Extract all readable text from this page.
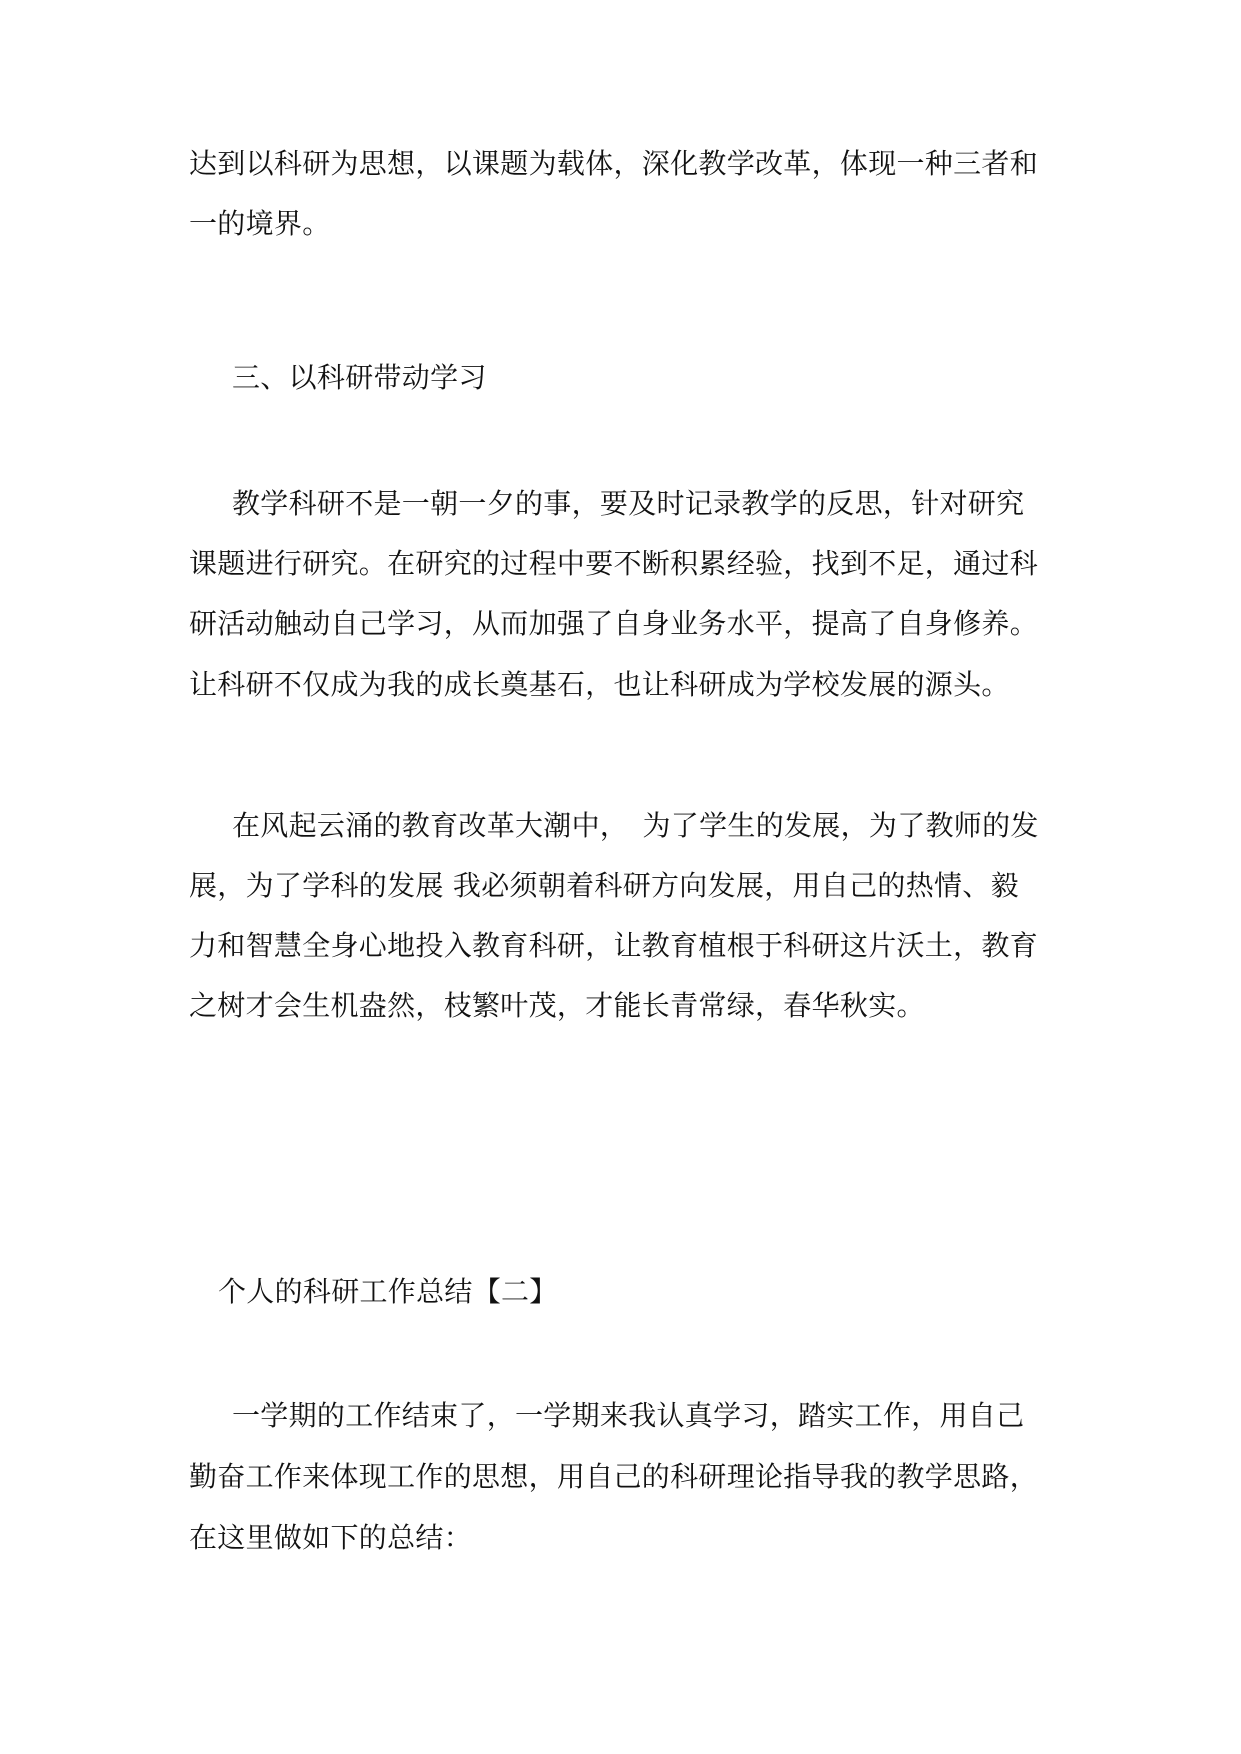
达到以科研为思想，以课题为载体，深化教学改革，体现一种三者和

一的境界。

三、以科研带动学习

教学科研不是一朝一夕的事，要及时记录教学的反思，针对研究

课题进行研究。在研究的过程中要不断积累经验，找到不足，通过科

研活动触动自己学习，从而加强了自身业务水平，提高了自身修养。

让科研不仅成为我的成长奠基石，也让科研成为学校发展的源头。

在风起云涌的教育改革大潮中，　为了学生的发展，为了教师的发

展，为了学科的发展 我必须朝着科研方向发展，用自己的热情、毅

力和智慧全身心地投入教育科研，让教育植根于科研这片沃土，教育

之树才会生机盎然，枝繁叶茂，才能长青常绿，春华秋实。

个人的科研工作总结【二】

一学期的工作结束了，一学期来我认真学习，踏实工作，用自己

勤奋工作来体现工作的思想，用自己的科研理论指导我的教学思路，

在这里做如下的总结：
